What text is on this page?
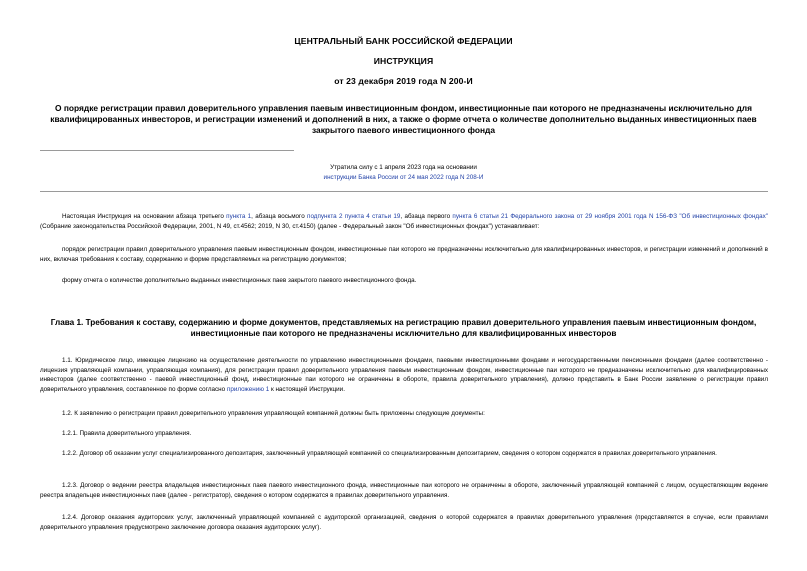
ЦЕНТРАЛЬНЫЙ БАНК РОССИЙСКОЙ ФЕДЕРАЦИИ
ИНСТРУКЦИЯ
от 23 декабря 2019 года N 200-И
О порядке регистрации правил доверительного управления паевым инвестиционным фондом, инвестиционные паи которого не предназначены исключительно для квалифицированных инвесторов, и регистрации изменений и дополнений в них, а также о форме отчета о количестве дополнительно выданных инвестиционных паев закрытого паевого инвестиционного фонда
Утратила силу с 1 апреля 2023 года на основании
инструкции Банка России от 24 мая 2022 года N 208-И
Настоящая Инструкция на основании абзаца третьего пункта 1, абзаца восьмого подпункта 2 пункта 4 статьи 19, абзаца первого пункта 6 статьи 21 Федерального закона от 29 ноября 2001 года N 156-ФЗ "Об инвестиционных фондах" (Собрание законодательства Российской Федерации, 2001, N 49, ст.4562; 2019, N 30, ст.4150) (далее - Федеральный закон "Об инвестиционных фондах") устанавливает:
порядок регистрации правил доверительного управления паевым инвестиционным фондом, инвестиционные паи которого не предназначены исключительно для квалифицированных инвесторов, и регистрации изменений и дополнений в них, включая требования к составу, содержанию и форме представляемых на регистрацию документов;
форму отчета о количестве дополнительно выданных инвестиционных паев закрытого паевого инвестиционного фонда.
Глава 1. Требования к составу, содержанию и форме документов, представляемых на регистрацию правил доверительного управления паевым инвестиционным фондом, инвестиционные паи которого не предназначены исключительно для квалифицированных инвесторов
1.1. Юридическое лицо, имеющее лицензию на осуществление деятельности по управлению инвестиционными фондами, паевыми инвестиционными фондами и негосударственными пенсионными фондами (далее соответственно - лицензия управляющей компании, управляющая компания), для регистрации правил доверительного управления паевым инвестиционным фондом, инвестиционные паи которого не предназначены исключительно для квалифицированных инвесторов (далее соответственно - паевой инвестиционный фонд, инвестиционные паи которого не ограничены в обороте, правила доверительного управления), должно представить в Банк России заявление о регистрации правил доверительного управления, составленное по форме согласно приложению 1 к настоящей Инструкции.
1.2. К заявлению о регистрации правил доверительного управления управляющей компанией должны быть приложены следующие документы:
1.2.1. Правила доверительного управления.
1.2.2. Договор об оказании услуг специализированного депозитария, заключенный управляющей компанией со специализированным депозитарием, сведения о котором содержатся в правилах доверительного управления.
1.2.3. Договор о ведении реестра владельцев инвестиционных паев паевого инвестиционного фонда, инвестиционные паи которого не ограничены в обороте, заключенный управляющей компанией с лицом, осуществляющим ведение реестра владельцев инвестиционных паев (далее - регистратор), сведения о котором содержатся в правилах доверительного управления.
1.2.4. Договор оказания аудиторских услуг, заключенный управляющей компанией с аудиторской организацией, сведения о которой содержатся в правилах доверительного управления (представляется в случае, если правилами доверительного управления предусмотрено заключение договора оказания аудиторских услуг).
